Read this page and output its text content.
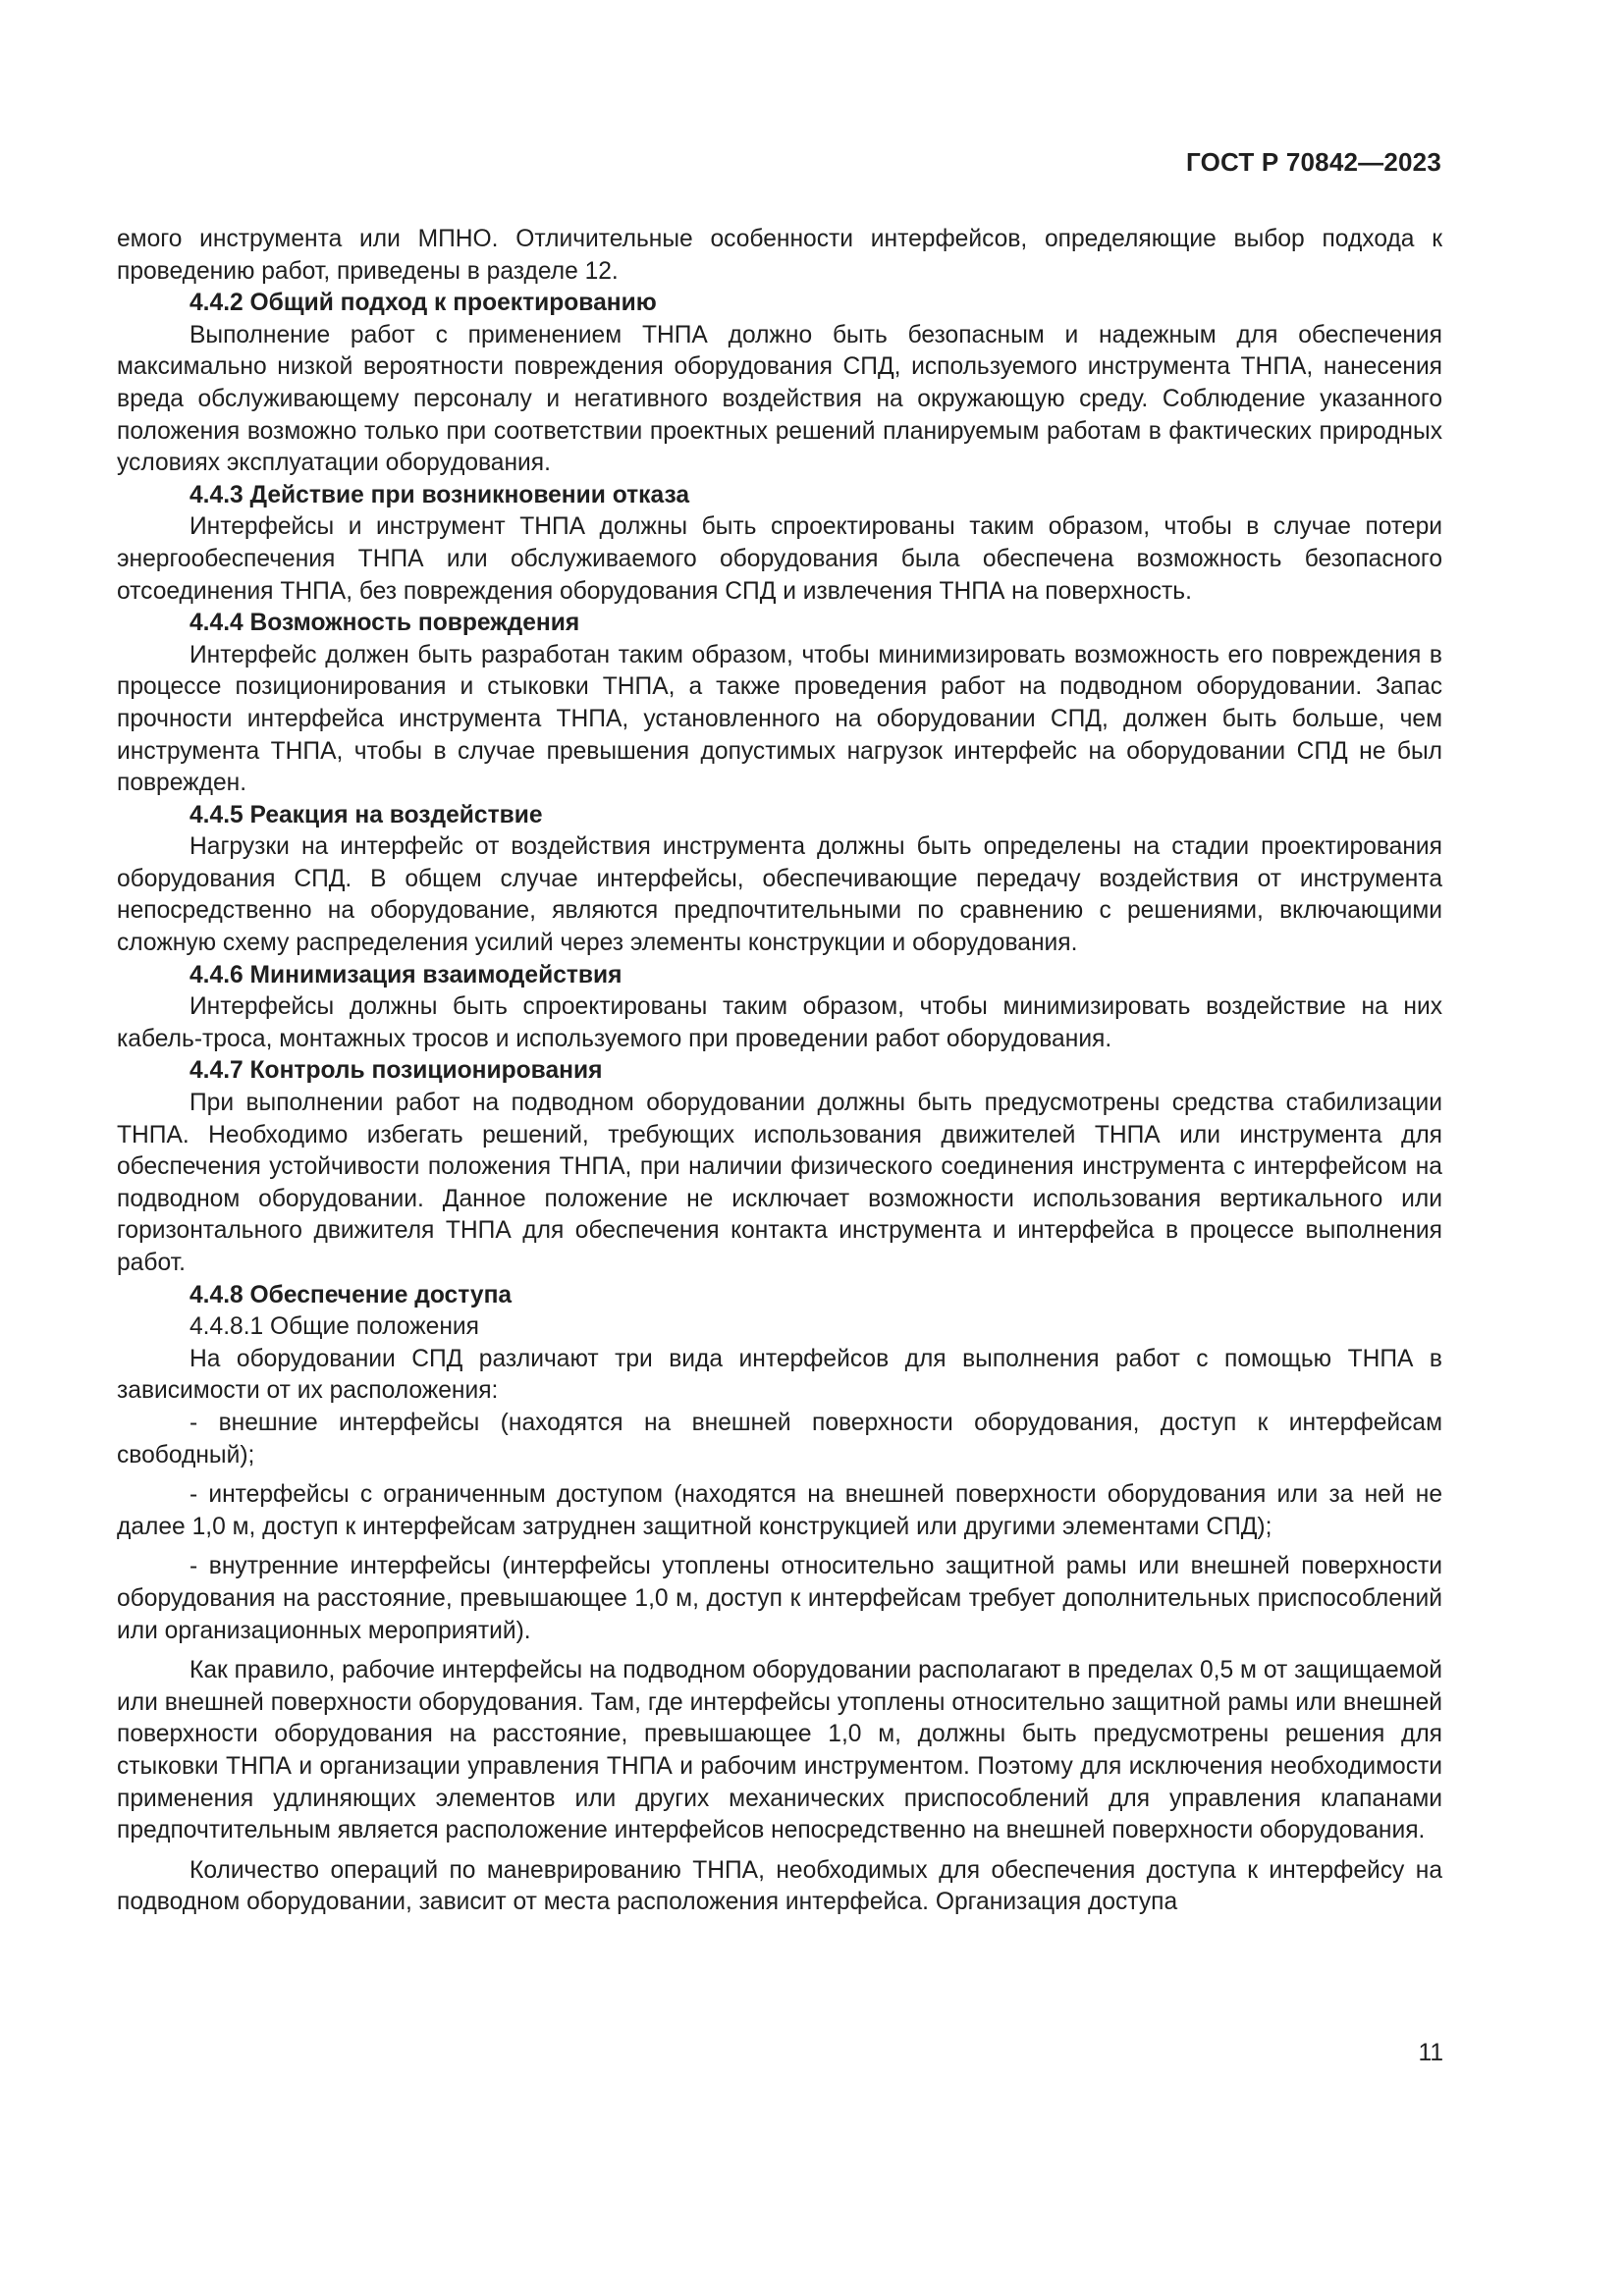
ГОСТ Р 70842—2023

емого инструмента или МПНО. Отличительные особенности интерфейсов, определяющие выбор подхода к проведению работ, приведены в разделе 12.

4.4.2 Общий подход к проектированию

Выполнение работ с применением ТНПА должно быть безопасным и надежным для обеспечения максимально низкой вероятности повреждения оборудования СПД, используемого инструмента ТНПА, нанесения вреда обслуживающему персоналу и негативного воздействия на окружающую среду. Соблюдение указанного положения возможно только при соответствии проектных решений планируемым работам в фактических природных условиях эксплуатации оборудования.

4.4.3 Действие при возникновении отказа

Интерфейсы и инструмент ТНПА должны быть спроектированы таким образом, чтобы в случае потери энергообеспечения ТНПА или обслуживаемого оборудования была обеспечена возможность безопасного отсоединения ТНПА, без повреждения оборудования СПД и извлечения ТНПА на поверхность.

4.4.4 Возможность повреждения

Интерфейс должен быть разработан таким образом, чтобы минимизировать возможность его повреждения в процессе позиционирования и стыковки ТНПА, а также проведения работ на подводном оборудовании. Запас прочности интерфейса инструмента ТНПА, установленного на оборудовании СПД, должен быть больше, чем инструмента ТНПА, чтобы в случае превышения допустимых нагрузок интерфейс на оборудовании СПД не был поврежден.

4.4.5 Реакция на воздействие

Нагрузки на интерфейс от воздействия инструмента должны быть определены на стадии проектирования оборудования СПД. В общем случае интерфейсы, обеспечивающие передачу воздействия от инструмента непосредственно на оборудование, являются предпочтительными по сравнению с решениями, включающими сложную схему распределения усилий через элементы конструкции и оборудования.

4.4.6 Минимизация взаимодействия

Интерфейсы должны быть спроектированы таким образом, чтобы минимизировать воздействие на них кабель-троса, монтажных тросов и используемого при проведении работ оборудования.

4.4.7 Контроль позиционирования

При выполнении работ на подводном оборудовании должны быть предусмотрены средства стабилизации ТНПА. Необходимо избегать решений, требующих использования движителей ТНПА или инструмента для обеспечения устойчивости положения ТНПА, при наличии физического соединения инструмента с интерфейсом на подводном оборудовании. Данное положение не исключает возможности использования вертикального или горизонтального движителя ТНПА для обеспечения контакта инструмента и интерфейса в процессе выполнения работ.

4.4.8 Обеспечение доступа

4.4.8.1 Общие положения

На оборудовании СПД различают три вида интерфейсов для выполнения работ с помощью ТНПА в зависимости от их расположения:

- внешние интерфейсы (находятся на внешней поверхности оборудования, доступ к интерфейсам свободный);

- интерфейсы с ограниченным доступом (находятся на внешней поверхности оборудования или за ней не далее 1,0 м, доступ к интерфейсам затруднен защитной конструкцией или другими элементами СПД);

- внутренние интерфейсы (интерфейсы утоплены относительно защитной рамы или внешней поверхности оборудования на расстояние, превышающее 1,0 м, доступ к интерфейсам требует дополнительных приспособлений или организационных мероприятий).

Как правило, рабочие интерфейсы на подводном оборудовании располагают в пределах 0,5 м от защищаемой или внешней поверхности оборудования. Там, где интерфейсы утоплены относительно защитной рамы или внешней поверхности оборудования на расстояние, превышающее 1,0 м, должны быть предусмотрены решения для стыковки ТНПА и организации управления ТНПА и рабочим инструментом. Поэтому для исключения необходимости применения удлиняющих элементов или других механических приспособлений для управления клапанами предпочтительным является расположение интерфейсов непосредственно на внешней поверхности оборудования.

Количество операций по маневрированию ТНПА, необходимых для обеспечения доступа к интерфейсу на подводном оборудовании, зависит от места расположения интерфейса. Организация доступа

11
